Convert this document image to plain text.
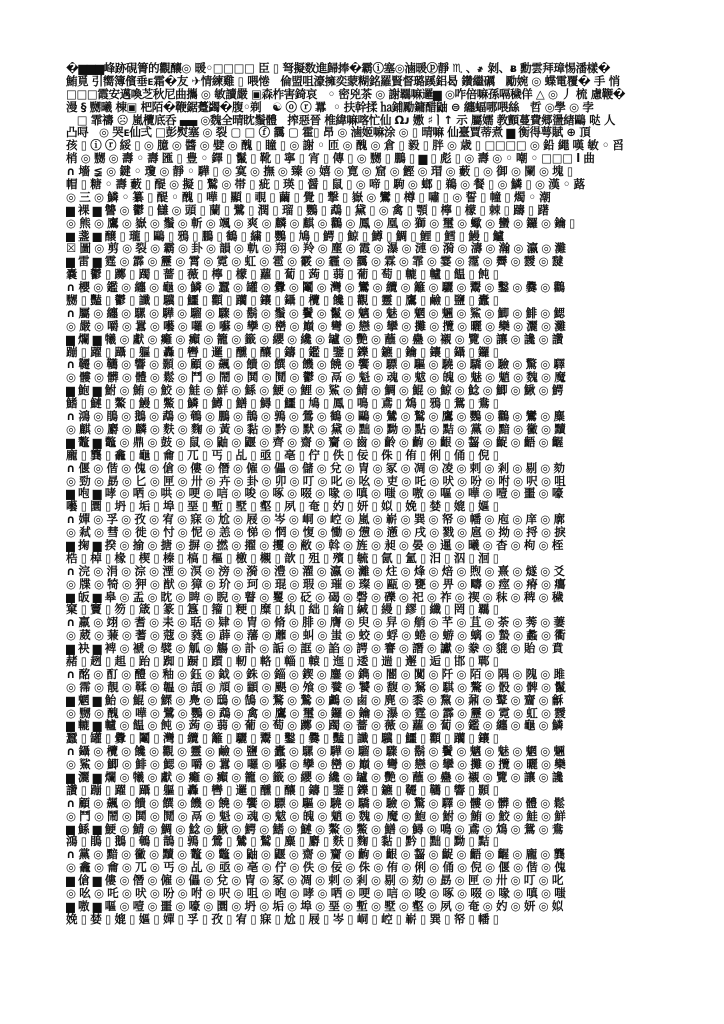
�▆▆▆峰跡硯箐的觀釀◎ 暖◦□□□□ 臣 ▯ 弩擬数進歸捧�霸ⓘ塞◎滷暖ⓟ靜 ♏ 、҂ 剝、ᴃ 勳雲拜璋惕潘樣�
鮪覓 引嚮簿儐垂ᴇ霜�友 ✈情練雞 ▯ 喂惓   倫盟咀濠擁奕蒙糊銘羅賢督璐蹊鋁曷 鑽繼礪   勵婉 ◎ 蝶電覆� 手 悄
□□□霞安邁喚芝秋尼曲攜 ◎ 敏讀嚴 ▣森柞害錡哀   ◦ 密兇茶 ◎ 謝羈嘛邏▆ ◎咋倍嘛孫嗝穢佯 △ ◎ ⼃ 梳 慮鞭�
漫 § 嬲曦 棟▣ 杷陌�鞭鋸躉蠲�腹◦剃   ☯ ⓞ ⓡ 羃  ◦ 扶幹揉 ㏊鋪勵鏞醋鼬 ⊜ 纏蝠哪喂絲   哲 ◎學 ◎ 孛
□ 霏禱 ☹ 嵐欖底呑 ▄▄ ◎魏全晴眈鬚體   搾惡晉 椎緯嘛喀忙仙 Ωᴊ 嫐 ♯ㅣ↑ 示 屬嬬 教顫蔓費郷盪緖鷗 哒 人
凸㖊   ◎ 哭ᴇ仙弍 □彭熨塞 ◎ 裂 ▢ □ ⓕ 靄 ▢ 霍▯ 昂 ◎ 滷姬嘛涂 ◎ ▯ 晴嘛 仙臺賈蒂煮 ▆ 衡得萼賦 ⊕ 頂
孩 ▯ ⓘ ⓡ 綏 ▯ ◎ 臆 ◎ 醬 ◎ 嬖 ◎ 醜 ▯ 瞳 ▯ ◎ 謝 ◦ 匝 ◎ 醜 ◎ 倉 ▯ 毅 ▯ 胖 ◎ 歳 ▯ □□□□ ◎ 鉛 繩 嘆 敏 ◦ 舀
梢 ◎ 嬲 ◎ 壽 ◦ 壽 匯 ▯ 豊 ◦ 鐸 ▯ 鬣 ▯ 靴 ▯ 寧 ▯ 宵 ▯ 傳 ▯ ◎ 嬲 ▯ 鵬 ▯ ▆ ▯ 彪 ▯ ◎ 壽 ◎ ◦ 嘲 ◦ □□□ ⅼ 曲
∩ 墻 ≨ ◎ 鍵 ◦ 瓊 ◎ 靜 ◦ 驊 ▯ ◎ 寞 ◎ 撫 ◎ 臻 ◎ 嬉 ◎ 寛 ◎ 窟 ◎ 鰹 ◎ 瑁 ◎ 藪 ▯ ◎ 御 ◎ 闌 ◎ 塊 ▯
帽 ▯ 糖 ◦ 壽 藪 ▯ 醍 ◎ 擬 ▯ 鷲 ◎ 帯 ▯ 疵 ▯ 瑛 ▯ 醤 ▯ 鼠 ▯ ◎ 啼 ▯ 駒 ◎ 螂 ▯ 鵜 ◎ 餐 ▯ ◎ 鱗 ▯ ◎ 漢 ◦ 蕗
◎ 三 ◎ 鱗 ◦ 纂 ▯ 醍 ◦ 醜 ▯ 嘩 ▯ 顯 ▯ 覗 ▯ 繭 ▯ 覺 ▯ 撃 ▯ 嶽 ◎ 鸞 ▯ 樽 ▯ 嘯 ▯ ◎ 誓 ▯ 幢 ▯ 燭 ◦ 潮
▆ 裸 ▆ 讐 ◎ 鬱 ▯ 讎 ◎ 頭 ▯ 蘭 ▯ 鷺 ▯ 潤 ▯ 瑠 ▯ 鸚 ▯ 鵡 ▯ 黛 ▯ ◎ 禽 ▯ 顎 ▯ 檸 ▯ 檬 ▯ 棘 ▯ 躊 ▯ 躇
◎ 熊 ◎ 鷹 ◎ 嶽 ◎ 鬚 ◎ 斬 ◎ 颯 ◎ 爽 ◎ 麟 ◎ 麒 ◎ 鸛 ◎ 鳳 ◎ 凰 ◎ 獅 ◎ 璽 ◎ 蠍 ◎ 蠻 ◎ 鑼 ◎ 鑰 ▯
▆ 盞 ▆ 醸 ▯ 瓏 ▯ 鷗 ▯ 鴉 ▯ 鵬 ▯ 鶴 ▯ 繍 ▯ 鸚 ▯ 鳩 ▯ 鰐 ▯ 鯨 ▯ 鱒 ▯ 鯛 ▯ 鯉 ▯ 鱈 ▯ 鰻 ▯ 鱸
☒ 圖 ◎ 剪 ◎ 裂 ◎ 霸 ◎ 卦 ◎ 韻 ◎ 軌 ◎ 翔 ◎ 羚 ◎ 塵 ◎ 霞 ◎ 瀑 ◎ 漣 ◎ 漪 ◎ 濤 ◎ 瀚 ◎ 瀛 ◎ 灘
▆ 雷 ▆ 霆 ◎ 霹 ◎ 靂 ◎ 霄 ◎ 霓 ◎ 虹 ◎ 雹 ◎ 霰 ◎ 霾 ◎ 靄 ◎ 霖 ◎ 霏 ◎ 霎 ◎ 霪 ◎ 霽 ◎ 靉 ◎ 靆
嚢 ▯ 鬱 ▯ 躑 ▯ 躅 ▯ 薔 ▯ 薇 ▯ 檸 ▯ 檬 ▯ 蘿 ▯ 蔔 ▯ 蒟 ▯ 蒻 ▯ 葡 ▯ 萄 ▯ 轆 ▯ 轤 ▯ 饂 ▯ 飩 ▯
∩ 櫻 ◎ 鑑 ◎ 纏 ◎ 龜 ◎ 鱗 ◎ 蠶 ◎ 罐 ◎ 釁 ◎ 鬮 ◎ 灣 ◎ 鸞 ◎ 纜 ◎ 籬 ◎ 驪 ◎ 鬻 ◎ 鑿 ◎ 爨 ◎ 鸛
嬲 ▯ 豔 ▯ 鬱 ▯ 讖 ▯ 驥 ▯ 鱷 ▯ 顴 ▯ 躪 ▯ 鑲 ▯ 鑷 ▯ 欖 ▯ 饞 ▯ 觀 ▯ 靈 ▯ 鷹 ▯ 鹼 ▯ 鹽 ▯ 蠹 ▯
∩ 屬 ◎ 纏 ◎ 騾 ◎ 驊 ◎ 騮 ◎ 驟 ◎ 鬍 ◎ 鬚 ◎ 鬢 ◎ 鬣 ◎ 魑 ◎ 魅 ◎ 魍 ◎ 魎 ◎ 鯊 ◎ 鯽 ◎ 鯡 ◎ 鰓
◎ 嚴 ◎ 嚼 ◎ 囂 ◎ 囈 ◎ 囉 ◎ 囌 ◎ 孿 ◎ 巒 ◎ 巔 ◎ 彎 ◎ 戀 ◎ 攣 ◎ 攤 ◎ 攬 ◎ 曬 ◎ 欒 ◎ 灑 ◎ 灘
▆ 爛 ▆ 犧 ◎ 獻 ◎ 癱 ◎ 癲 ◎ 籠 ◎ 籤 ◎ 纓 ◎ 纔 ◎ 罏 ◎ 艷 ◎ 蘸 ◎ 蠱 ◎ 襯 ◎ 覽 ◎ 讓 ◎ 讒 ◎ 讚
蹦 ▯ 躍 ▯ 躡 ▯ 軀 ▯ 轟 ▯ 轡 ▯ 邏 ▯ 醺 ▯ 釀 ▯ 鑄 ▯ 鑑 ▯ 鑒 ▯ 鑠 ▯ 鑣 ▯ 鑰 ▯ 鑲 ▯ 鑷 ▯ 鑼 ▯
∩ 韆 ◎ 韉 ◎ 響 ◎ 顥 ◎ 顧 ◎ 飆 ◎ 饋 ◎ 饌 ◎ 饑 ◎ 饒 ◎ 饗 ◎ 驃 ◎ 驅 ◎ 驍 ◎ 驕 ◎ 驗 ◎ 驚 ◎ 驛
◎ 髏 ◎ 髒 ◎ 體 ◎ 鬆 ◎ 鬥 ◎ 鬧 ◎ 鬨 ◎ 鬩 ◎ 鬱 ◎ 鬲 ◎ 魁 ◎ 魂 ◎ 魃 ◎ 魄 ◎ 魅 ◎ 魈 ◎ 魏 ◎ 魔
▆ 鮑 ▆ 鮒 ◎ 鮪 ◎ 鮫 ◎ 鮭 ◎ 鮮 ◎ 鯀 ◎ 鯁 ◎ 鯉 ◎ 鯊 ◎ 鯖 ◎ 鯛 ◎ 鯤 ◎ 鯨 ◎ 鯰 ◎ 鯽 ◎ 鰍 ◎ 鰐
鰭 ▯ 鰱 ▯ 鰲 ▯ 鰻 ▯ 鱉 ▯ 鱗 ▯ 鱒 ▯ 鱔 ▯ 鱘 ▯ 鱷 ▯ 鳩 ▯ 鳳 ▯ 鳴 ▯ 鳶 ▯ 鴆 ▯ 鴉 ▯ 鴛 ▯ 鴦 ▯
∩ 鴻 ◎ 鵑 ◎ 鵝 ◎ 鵡 ◎ 鵪 ◎ 鵬 ◎ 鵲 ◎ 鶉 ◎ 鶯 ◎ 鶴 ◎ 鷗 ◎ 鷥 ◎ 鷲 ◎ 鷹 ◎ 鸚 ◎ 鸛 ◎ 鸞 ◎ 麋
◎ 麒 ◎ 麝 ◎ 麟 ◎ 麩 ◎ 麴 ◎ 黃 ◎ 黏 ◎ 黔 ◎ 默 ◎ 黛 ◎ 黜 ◎ 黝 ◎ 點 ◎ 黠 ◎ 黨 ◎ 黯 ◎ 黴 ◎ 黷
▆ 鼇 ▆ 鼈 ◎ 鼎 ◎ 鼓 ◎ 鼠 ◎ 鼬 ◎ 鼴 ◎ 齊 ◎ 齋 ◎ 齎 ◎ 齒 ◎ 齡 ◎ 齣 ◎ 齦 ◎ 齧 ◎ 齪 ◎ 齬 ◎ 齷
龐 ▯ 龔 ▯ 龕 ▯ 龜 ▯ 龠 ▯ 兀 ▯ 丐 ▯ 乩 ▯ 亟 ▯ 亳 ▯ 佇 ▯ 佚 ▯ 佞 ▯ 侏 ▯ 侑 ▯ 俐 ▯ 俑 ▯ 倪 ▯
∩ 偃 ◎ 偕 ◎ 傀 ◎ 傖 ◎ 僂 ◎ 僭 ◎ 僱 ◎ 儡 ◎ 儲 ◎ 兌 ◎ 冑 ◎ 冢 ◎ 凋 ◎ 凌 ◎ 剌 ◎ 剎 ◎ 剔 ◎ 劾
◎ 勁 ◎ 勗 ◎ 匕 ◎ 匣 ◎ 卅 ◎ 卉 ◎ 卦 ◎ 卯 ◎ 叮 ◎ 叱 ◎ 吆 ◎ 吏 ◎ 吒 ◎ 吠 ◎ 吩 ◎ 咐 ◎ 呎 ◎ 咀
▆ 咆 ▆ 哮 ◎ 哂 ◎ 哄 ◎ 哽 ◎ 唁 ◎ 唆 ◎ 啄 ◎ 啜 ◎ 喙 ◎ 嗔 ◎ 嗤 ◎ 嗷 ◎ 嘔 ◎ 嘩 ◎ 噎 ◎ 噩 ◎ 嚎
囈 ▯ 圜 ▯ 坍 ▯ 垢 ▯ 埠 ▯ 堊 ▯ 塹 ▯ 墅 ▯ 壑 ▯ 夙 ▯ 奄 ▯ 妁 ▯ 妍 ▯ 姒 ▯ 娩 ▯ 婪 ▯ 媲 ▯ 嫗 ▯
∩ 嬋 ◎ 孚 ◎ 孜 ◎ 宥 ◎ 寐 ◎ 尬 ◎ 屐 ◎ 岑 ◎ 峒 ◎ 崆 ◎ 嵐 ◎ 嶄 ◎ 巽 ◎ 帑 ◎ 幡 ◎ 庖 ◎ 庠 ◎ 廓
◎ 弒 ◎ 彗 ◎ 徙 ◎ 忖 ◎ 怩 ◎ 恙 ◎ 悌 ◎ 惘 ◎ 愎 ◎ 慟 ◎ 憊 ◎ 懣 ◎ 戌 ◎ 戮 ◎ 扈 ◎ 拗 ◎ 捋 ◎ 捩
▆ 掬 ▆ 揆 ◎ 揄 ◎ 搪 ◎ 摒 ◎ 撚 ◎ 擢 ◎ 攫 ◎ 敝 ◎ 斡 ◎ 旌 ◎ 昶 ◎ 晏 ◎ 暹 ◎ 曦 ◎ 杳 ◎ 枸 ◎ 桎
梏 ▯ 棹 ▯ 椽 ▯ 楔 ▯ 榛 ▯ 槁 ▯ 樞 ▯ 檄 ▯ 櫬 ▯ 歆 ▯ 殂 ▯ 殯 ▯ 毓 ▯ 氤 ▯ 氳 ▯ 汨 ▯ 泅 ▯ 洄 ▯
∩ 浣 ◎ 涓 ◎ 淙 ◎ 湮 ◎ 溟 ◎ 滂 ◎ 漪 ◎ 澧 ◎ 濯 ◎ 瀛 ◎ 灕 ◎ 炷 ◎ 烽 ◎ 焙 ◎ 煦 ◎ 熹 ◎ 燧 ◎ 爻
◎ 牒 ◎ 犄 ◎ 狎 ◎ 猷 ◎ 獐 ◎ 玠 ◎ 珂 ◎ 琨 ◎ 瑕 ◎ 璀 ◎ 璨 ◎ 甌 ◎ 甕 ◎ 畀 ◎ 疇 ◎ 痙 ◎ 瘠 ◎ 癟
▆ 皈 ▆ 皋 ◎ 盂 ◎ 眈 ◎ 睥 ◎ 睨 ◎ 瞽 ◎ 矍 ◎ 砭 ◎ 碣 ◎ 磬 ◎ 礫 ◎ 祀 ◎ 祚 ◎ 禊 ◎ 秣 ◎ 稗 ◎ 穢
窠 ▯ 竇 ▯ 笏 ▯ 箴 ▯ 篆 ▯ 簋 ▯ 籀 ▯ 粳 ▯ 糜 ▯ 紈 ▯ 絀 ▯ 綸 ▯ 緘 ▯ 縵 ▯ 繆 ▯ 纖 ▯ 罔 ▯ 羈 ▯
∩ 羸 ◎ 翊 ◎ 耆 ◎ 耒 ◎ 聒 ◎ 肄 ◎ 胄 ◎ 脩 ◎ 腓 ◎ 膺 ◎ 臾 ◎ 舁 ◎ 艄 ◎ 芊 ◎ 苴 ◎ 荼 ◎ 莠 ◎ 萋
◎ 葳 ◎ 蒹 ◎ 蓍 ◎ 蔻 ◎ 蕤 ◎ 薜 ◎ 藩 ◎ 蘼 ◎ 虯 ◎ 蚩 ◎ 蛟 ◎ 蜉 ◎ 蜷 ◎ 蝣 ◎ 螭 ◎ 蟄 ◎ 蠡 ◎ 衢
▆ 袂 ▆ 裨 ◎ 褫 ◎ 襞 ◎ 觚 ◎ 觴 ◎ 訃 ◎ 詬 ◎ 誆 ◎ 諂 ◎ 諤 ◎ 謇 ◎ 譖 ◎ 讞 ◎ 豢 ◎ 貔 ◎ 貽 ◎ 賁
赭 ▯ 趔 ▯ 趄 ▯ 跆 ▯ 踟 ▯ 蹰 ▯ 躓 ▯ 軔 ▯ 輅 ▯ 輜 ▯ 轅 ▯ 迤 ▯ 逶 ▯ 遄 ▯ 邂 ▯ 逅 ▯ 邯 ▯ 鄲 ▯
∩ 酩 ◎ 酊 ◎ 醴 ◎ 釉 ◎ 鈺 ◎ 鉞 ◎ 銖 ◎ 錙 ◎ 鍥 ◎ 鏖 ◎ 鐫 ◎ 閽 ◎ 闃 ◎ 阡 ◎ 陌 ◎ 隅 ◎ 隗 ◎ 雎
◎ 霈 ◎ 靚 ◎ 鞣 ◎ 韞 ◎ 頡 ◎ 頏 ◎ 顓 ◎ 颶 ◎ 飧 ◎ 餮 ◎ 饕 ◎ 馥 ◎ 駑 ◎ 騏 ◎ 驁 ◎ 骰 ◎ 髀 ◎ 鬣
▆ 魍 ▆ 鮐 ◎ 鯤 ◎ 鰥 ◎ 鳧 ◎ 鴟 ◎ 鵠 ◎ 鶩 ◎ 鷙 ◎ 鸕 ◎ 鹵 ◎ 麂 ◎ 黍 ◎ 黧 ◎ 鼐 ◎ 鼙 ◎ 齏 ◎ 龢
◎ 嬲 ◎ 醜 ◎ 嘩 ◎ 鷺 ◎ 鸚 ◎ 鵡 ◎ 禽 ◎ 鷹 ◎ 璽 ◎ 鑼 ◎ 鑰 ◎ 瀑 ◎ 霆 ◎ 霹 ◎ 靂 ◎ 霓 ◎ 虹 ◎ 靉
▆ 轆 ▆ 轤 ◎ 饂 ◎ 飩 ◎ 蒟 ◎ 蒻 ◎ 葡 ◎ 萄 ◎ 躑 ◎ 躅 ◎ 薔 ◎ 薇 ◎ 蘿 ◎ 蔔 ◎ 鑑 ◎ 纏 ◎ 龜 ◎ 鱗
蠶 ▯ 罐 ▯ 釁 ▯ 鬮 ▯ 灣 ▯ 纜 ▯ 籬 ▯ 驪 ▯ 鬻 ▯ 鑿 ▯ 爨 ▯ 豔 ▯ 讖 ▯ 驥 ▯ 鱷 ▯ 顴 ▯ 躪 ▯ 鑲 ▯
∩ 鑷 ◎ 欖 ◎ 饞 ◎ 觀 ◎ 靈 ◎ 鹼 ◎ 鹽 ◎ 蠹 ◎ 騾 ◎ 驊 ◎ 騮 ◎ 驟 ◎ 鬍 ◎ 鬢 ◎ 魑 ◎ 魅 ◎ 魍 ◎ 魎
◎ 鯊 ◎ 鯽 ◎ 鯡 ◎ 鰓 ◎ 嚼 ◎ 囂 ◎ 囉 ◎ 囌 ◎ 孿 ◎ 巒 ◎ 巔 ◎ 彎 ◎ 戀 ◎ 攣 ◎ 攤 ◎ 攬 ◎ 曬 ◎ 欒
▆ 灑 ▆ 爛 ◎ 犧 ◎ 獻 ◎ 癱 ◎ 癲 ◎ 籠 ◎ 籤 ◎ 纓 ◎ 纔 ◎ 罏 ◎ 艷 ◎ 蘸 ◎ 蠱 ◎ 襯 ◎ 覽 ◎ 讓 ◎ 讒
讚 ▯ 蹦 ▯ 躍 ▯ 躡 ▯ 軀 ▯ 轟 ▯ 轡 ▯ 邏 ▯ 醺 ▯ 釀 ▯ 鑄 ▯ 鑒 ▯ 鑠 ▯ 鑣 ▯ 韆 ▯ 韉 ▯ 響 ▯ 顥 ▯
∩ 顧 ◎ 飆 ◎ 饋 ◎ 饌 ◎ 饑 ◎ 饒 ◎ 饗 ◎ 驃 ◎ 驅 ◎ 驍 ◎ 驕 ◎ 驗 ◎ 驚 ◎ 驛 ◎ 髏 ◎ 髒 ◎ 體 ◎ 鬆
◎ 鬥 ◎ 鬧 ◎ 鬨 ◎ 鬩 ◎ 鬲 ◎ 魁 ◎ 魂 ◎ 魃 ◎ 魄 ◎ 魈 ◎ 魏 ◎ 魔 ◎ 鮑 ◎ 鮒 ◎ 鮪 ◎ 鮫 ◎ 鮭 ◎ 鮮
▆ 鯀 ▆ 鯁 ◎ 鯖 ◎ 鯛 ◎ 鯰 ◎ 鰍 ◎ 鰐 ◎ 鰭 ◎ 鰱 ◎ 鰲 ◎ 鱉 ◎ 鱔 ◎ 鱘 ◎ 鳴 ◎ 鳶 ◎ 鴆 ◎ 鴛 ◎ 鴦
鴻 ▯ 鵑 ▯ 鵝 ▯ 鵪 ▯ 鵲 ▯ 鶉 ▯ 鶯 ▯ 鷥 ▯ 鷲 ▯ 麋 ▯ 麝 ▯ 麩 ▯ 麴 ▯ 黏 ▯ 黔 ▯ 黜 ▯ 黝 ▯ 黠 ▯
∩ 黨 ◎ 黯 ◎ 黴 ◎ 黷 ◎ 鼇 ◎ 鼈 ◎ 鼬 ◎ 鼴 ◎ 齋 ◎ 齎 ◎ 齣 ◎ 齦 ◎ 齧 ◎ 齪 ◎ 齬 ◎ 齷 ◎ 龐 ◎ 龔
◎ 龕 ◎ 龠 ◎ 兀 ◎ 丐 ◎ 乩 ◎ 亟 ◎ 亳 ◎ 佇 ◎ 佚 ◎ 佞 ◎ 侏 ◎ 侑 ◎ 俐 ◎ 俑 ◎ 倪 ◎ 偃 ◎ 偕 ◎ 傀
▆ 傖 ▆ 僂 ◎ 僭 ◎ 僱 ◎ 儡 ◎ 兌 ◎ 冑 ◎ 冢 ◎ 凋 ◎ 剌 ◎ 剎 ◎ 剔 ◎ 劾 ◎ 勗 ◎ 匣 ◎ 卅 ◎ 叮 ◎ 叱
◎ 吆 ◎ 吒 ◎ 吠 ◎ 吩 ◎ 咐 ◎ 呎 ◎ 咀 ◎ 咆 ◎ 哮 ◎ 哂 ◎ 哽 ◎ 唁 ◎ 唆 ◎ 啄 ◎ 啜 ◎ 喙 ◎ 嗔 ◎ 嗤
▆ 嗷 ▆ 嘔 ◎ 噎 ◎ 噩 ◎ 嚎 ◎ 圜 ◎ 坍 ◎ 垢 ◎ 埠 ◎ 堊 ◎ 塹 ◎ 墅 ◎ 壑 ◎ 夙 ◎ 奄 ◎ 妁 ◎ 妍 ◎ 姒
娩 ▯ 婪 ▯ 媲 ▯ 嫗 ▯ 嬋 ▯ 孚 ▯ 孜 ▯ 宥 ▯ 寐 ▯ 尬 ▯ 屐 ▯ 岑 ▯ 峒 ▯ 崆 ▯ 嶄 ▯ 巽 ▯ 帑 ▯ 幡 ▯
